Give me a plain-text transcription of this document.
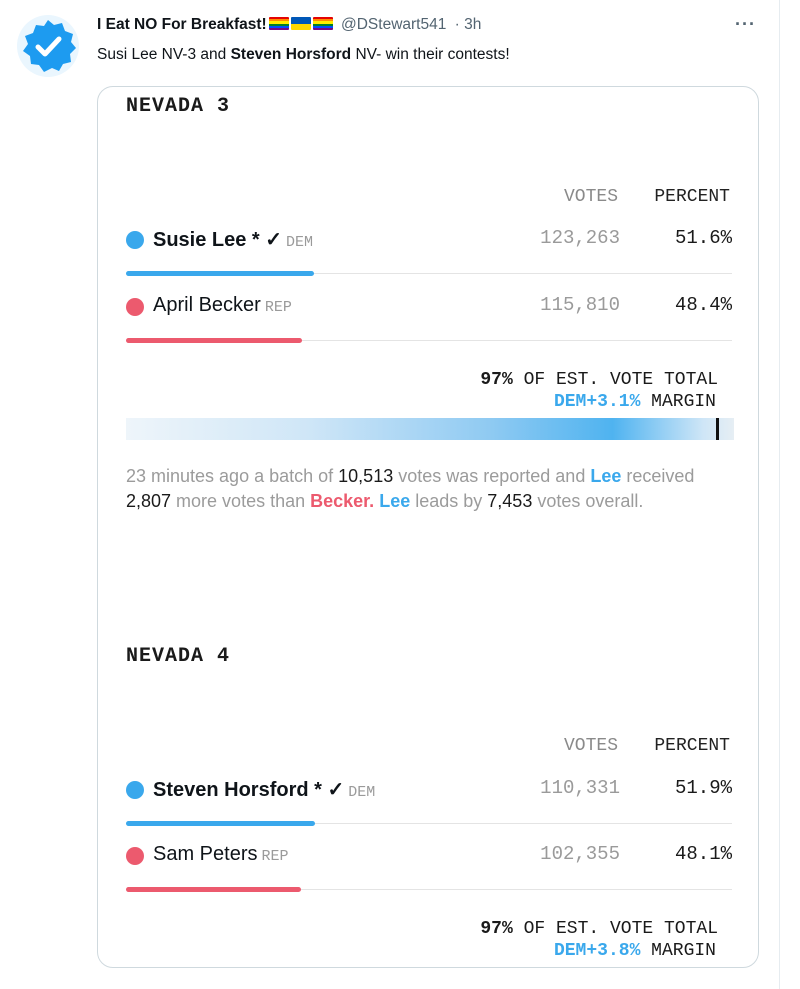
I Eat NO For Breakfast!	@DStewart541 · 3h	···
Susi Lee NV-3 and Steven Horsford NV- win their contests!
NEVADA 3
VOTES PERCENT
Susie Lee * ✓ DEM	123,263	51.6%
April Becker REP	115,810	48.4%
97% OF EST. VOTE TOTAL
DEM+3.1% MARGIN
23 minutes ago a batch of 10,513 votes was reported and Lee received 2,807 more votes than Becker. Lee leads by 7,453 votes overall.
NEVADA 4
VOTES PERCENT
Steven Horsford * ✓ DEM	110,331	51.9%
Sam Peters REP	102,355	48.1%
97% OF EST. VOTE TOTAL
DEM+3.8% MARGIN
